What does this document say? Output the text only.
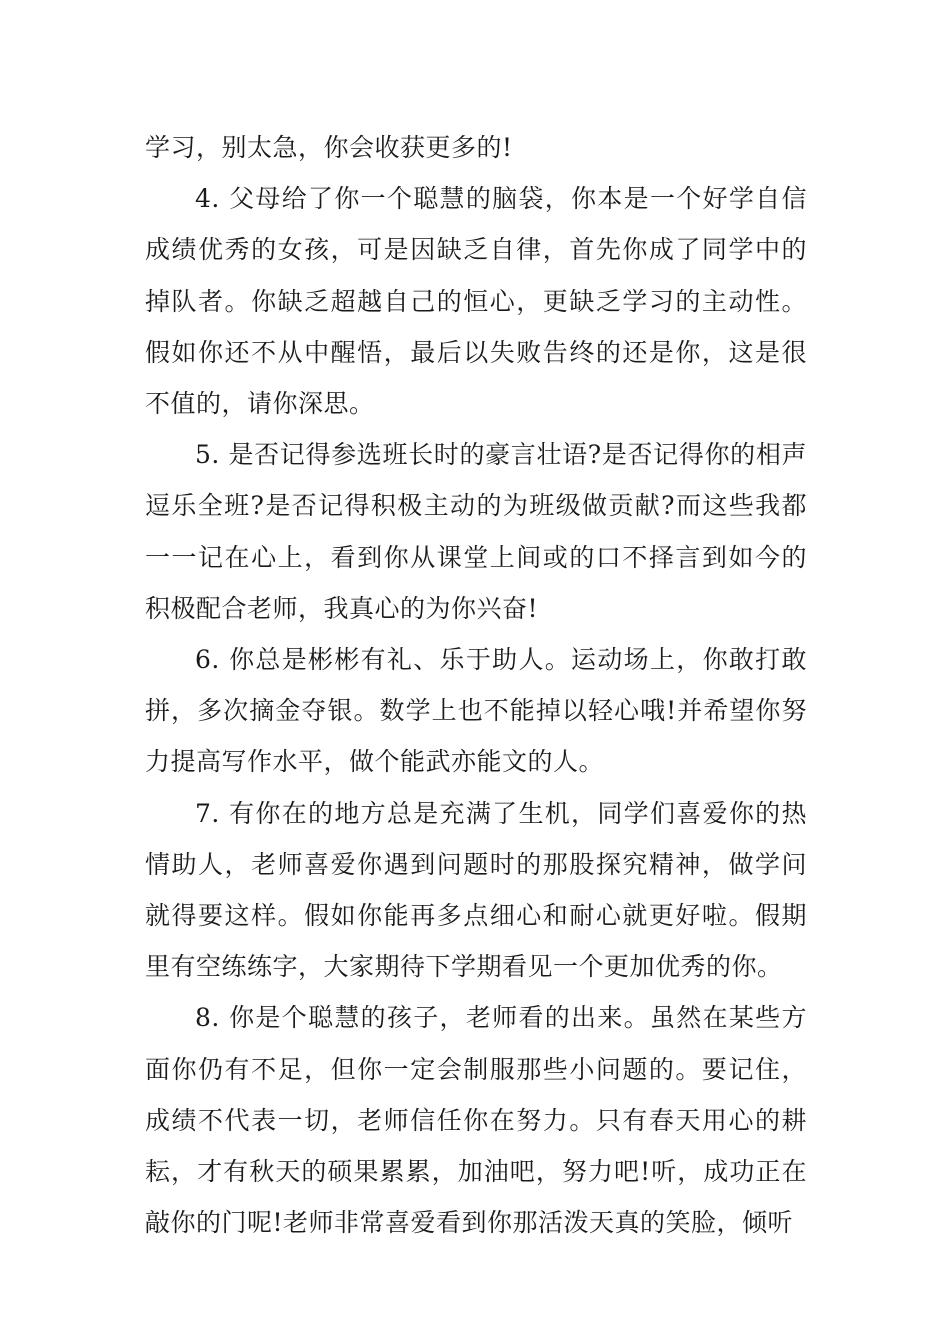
学习，别太急，你会收获更多的!

4. 父母给了你一个聪慧的脑袋，你本是一个好学自信成绩优秀的女孩，可是因缺乏自律，首先你成了同学中的掉队者。你缺乏超越自己的恒心，更缺乏学习的主动性。假如你还不从中醒悟，最后以失败告终的还是你，这是很不值的，请你深思。

5. 是否记得参选班长时的豪言壮语?是否记得你的相声逗乐全班?是否记得积极主动的为班级做贡献?而这些我都一一记在心上，看到你从课堂上间或的口不择言到如今的积极配合老师，我真心的为你兴奋!

6. 你总是彬彬有礼、乐于助人。运动场上，你敢打敢拼，多次摘金夺银。数学上也不能掉以轻心哦!并希望你努力提高写作水平，做个能武亦能文的人。

7. 有你在的地方总是充满了生机，同学们喜爱你的热情助人，老师喜爱你遇到问题时的那股探究精神，做学问就得要这样。假如你能再多点细心和耐心就更好啦。假期里有空练练字，大家期待下学期看见一个更加优秀的你。

8. 你是个聪慧的孩子，老师看的出来。虽然在某些方面你仍有不足，但你一定会制服那些小问题的。要记住，成绩不代表一切，老师信任你在努力。只有春天用心的耕耘，才有秋天的硕果累累，加油吧，努力吧!听，成功正在敲你的门呢!老师非常喜爱看到你那活泼天真的笑脸，倾听
